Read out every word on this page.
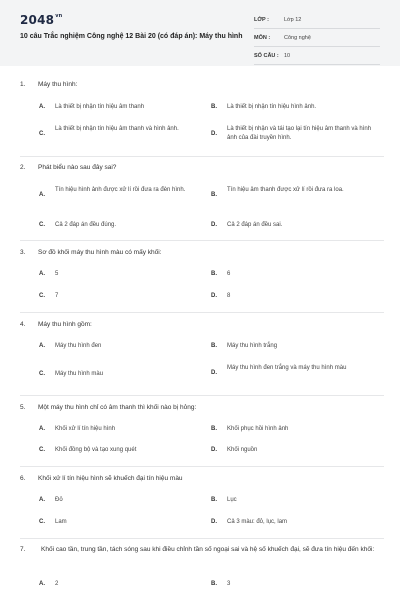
$2048^{vn}$
10 câu Trắc nghiệm Công nghệ 12 Bài 20 (có đáp án): Máy thu hình
LỚP :	Lớp 12
MÔN :	Công nghệ
SỐ CÂU : 10
1. Máy thu hình:
A. Là thiết bị nhận tín hiệu âm thanh	B. Là thiết bị nhận tín hiệu hình ảnh.
C.
Là thiết bị nhận tín hiệu âm thanh và hình ảnh.
D.
Là thiết bị nhận và tái tạo lại tín hiệu âm thanh và hình ảnh của đài truyền hình.
2. Phát biểu nào sau đây sai?
A.
Tín hiệu hình ảnh được xử lí rồi đưa ra đèn hình.
B.
Tín hiệu âm thanh được xử lí rồi đưa ra loa.
C. Cả 2 đáp án đều đúng.	D. Cả 2 đáp án đều sai.
3. Sơ đồ khối máy thu hình màu có mấy khối:
A. 5	B. 6
C. 7	D. 8
4. Máy thu hình gồm:
A. Máy thu hình đen	B. Máy thu hình trắng
C. Máy thu hình màu	D.
Máy thu hình đen trắng và máy thu hình màu
5. Một máy thu hình chỉ có âm thanh thì khối nào bị hỏng:
A. Khối xử lí tín hiệu hình	B. Khối phục hồi hình ảnh
C. Khối đồng bộ và tạo xung quét	D. Khối nguồn
6. Khối xử lí tín hiệu hình sẽ khuếch đại tín hiệu màu
A. Đỏ	B. Lục
C. Lam	D. Cả 3 màu: đỏ, lục, lam
7.	Khối cao tần, trung tần, tách sóng sau khi điều chỉnh tần số ngoại sai và hệ số khuếch đại, sẽ đưa tín hiệu đến khối:
A. 2	B. 3
